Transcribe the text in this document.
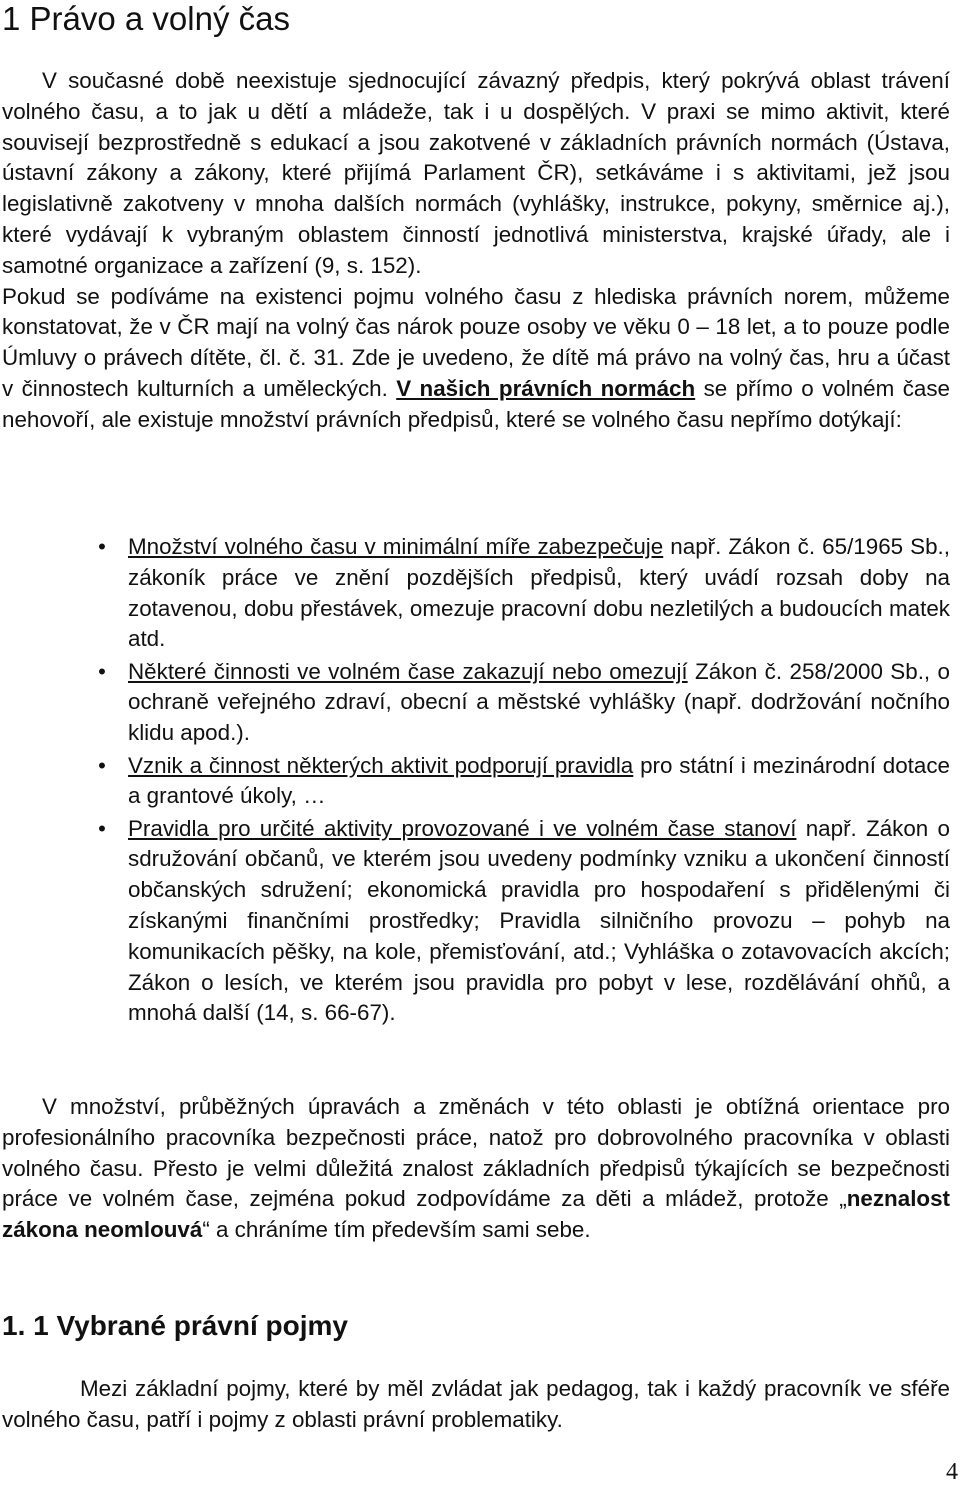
1 Právo a volný čas

V současné době neexistuje sjednocující závazný předpis, který pokrývá oblast trávení volného času, a to jak u dětí a mládeže, tak i u dospělých. V praxi se mimo aktivit, které souvisejí bezprostředně s edukací a jsou zakotvené v základních právních normách (Ústava, ústavní zákony a zákony, které přijímá Parlament ČR), setkáváme i s aktivitami, jež jsou legislativně zakotveny v mnoha dalších normách (vyhlášky, instrukce, pokyny, směrnice aj.), které vydávají k vybraným oblastem činností jednotlivá ministerstva, krajské úřady, ale i samotné organizace a zařízení (9, s. 152).
Pokud se podíváme na existenci pojmu volného času z hlediska právních norem, můžeme konstatovat, že v ČR mají na volný čas nárok pouze osoby ve věku 0 – 18 let, a to pouze podle Úmluvy o právech dítěte, čl. č. 31. Zde je uvedeno, že dítě má právo na volný čas, hru a účast v činnostech kulturních a uměleckých. V našich právních normách se přímo o volném čase nehovoří, ale existuje množství právních předpisů, které se volného času nepřímo dotýkají:

• Množství volného času v minimální míře zabezpečuje např. Zákon č. 65/1965 Sb., zákoník práce ve znění pozdějších předpisů, který uvádí rozsah doby na zotavenou, dobu přestávek, omezuje pracovní dobu nezletilých a budoucích matek atd.
• Některé činnosti ve volném čase zakazují nebo omezují Zákon č. 258/2000 Sb., o ochraně veřejného zdraví, obecní a městské vyhlášky (např. dodržování nočního klidu apod.).
• Vznik a činnost některých aktivit podporují pravidla pro státní i mezinárodní dotace a grantové úkoly, …
• Pravidla pro určité aktivity provozované i ve volném čase stanoví např. Zákon o sdružování občanů, ve kterém jsou uvedeny podmínky vzniku a ukončení činností občanských sdružení; ekonomická pravidla pro hospodaření s přidělenými či získanými finančními prostředky; Pravidla silničního provozu – pohyb na komunikacích pěšky, na kole, přemisťování, atd.; Vyhláška o zotavovacích akcích; Zákon o lesích, ve kterém jsou pravidla pro pobyt v lese, rozdělávání ohňů, a mnohá další (14, s. 66-67).

V množství, průběžných úpravách a změnách v této oblasti je obtížná orientace pro profesionálního pracovníka bezpečnosti práce, natož pro dobrovolného pracovníka v oblasti volného času. Přesto je velmi důležitá znalost základních předpisů týkajících se bezpečnosti práce ve volném čase, zejména pokud zodpovídáme za děti a mládež, protože „neznalost zákona neomlouvá“ a chráníme tím především sami sebe.

1. 1 Vybrané právní pojmy

Mezi základní pojmy, které by měl zvládat jak pedagog, tak i každý pracovník ve sféře volného času, patří i pojmy z oblasti právní problematiky.

4
